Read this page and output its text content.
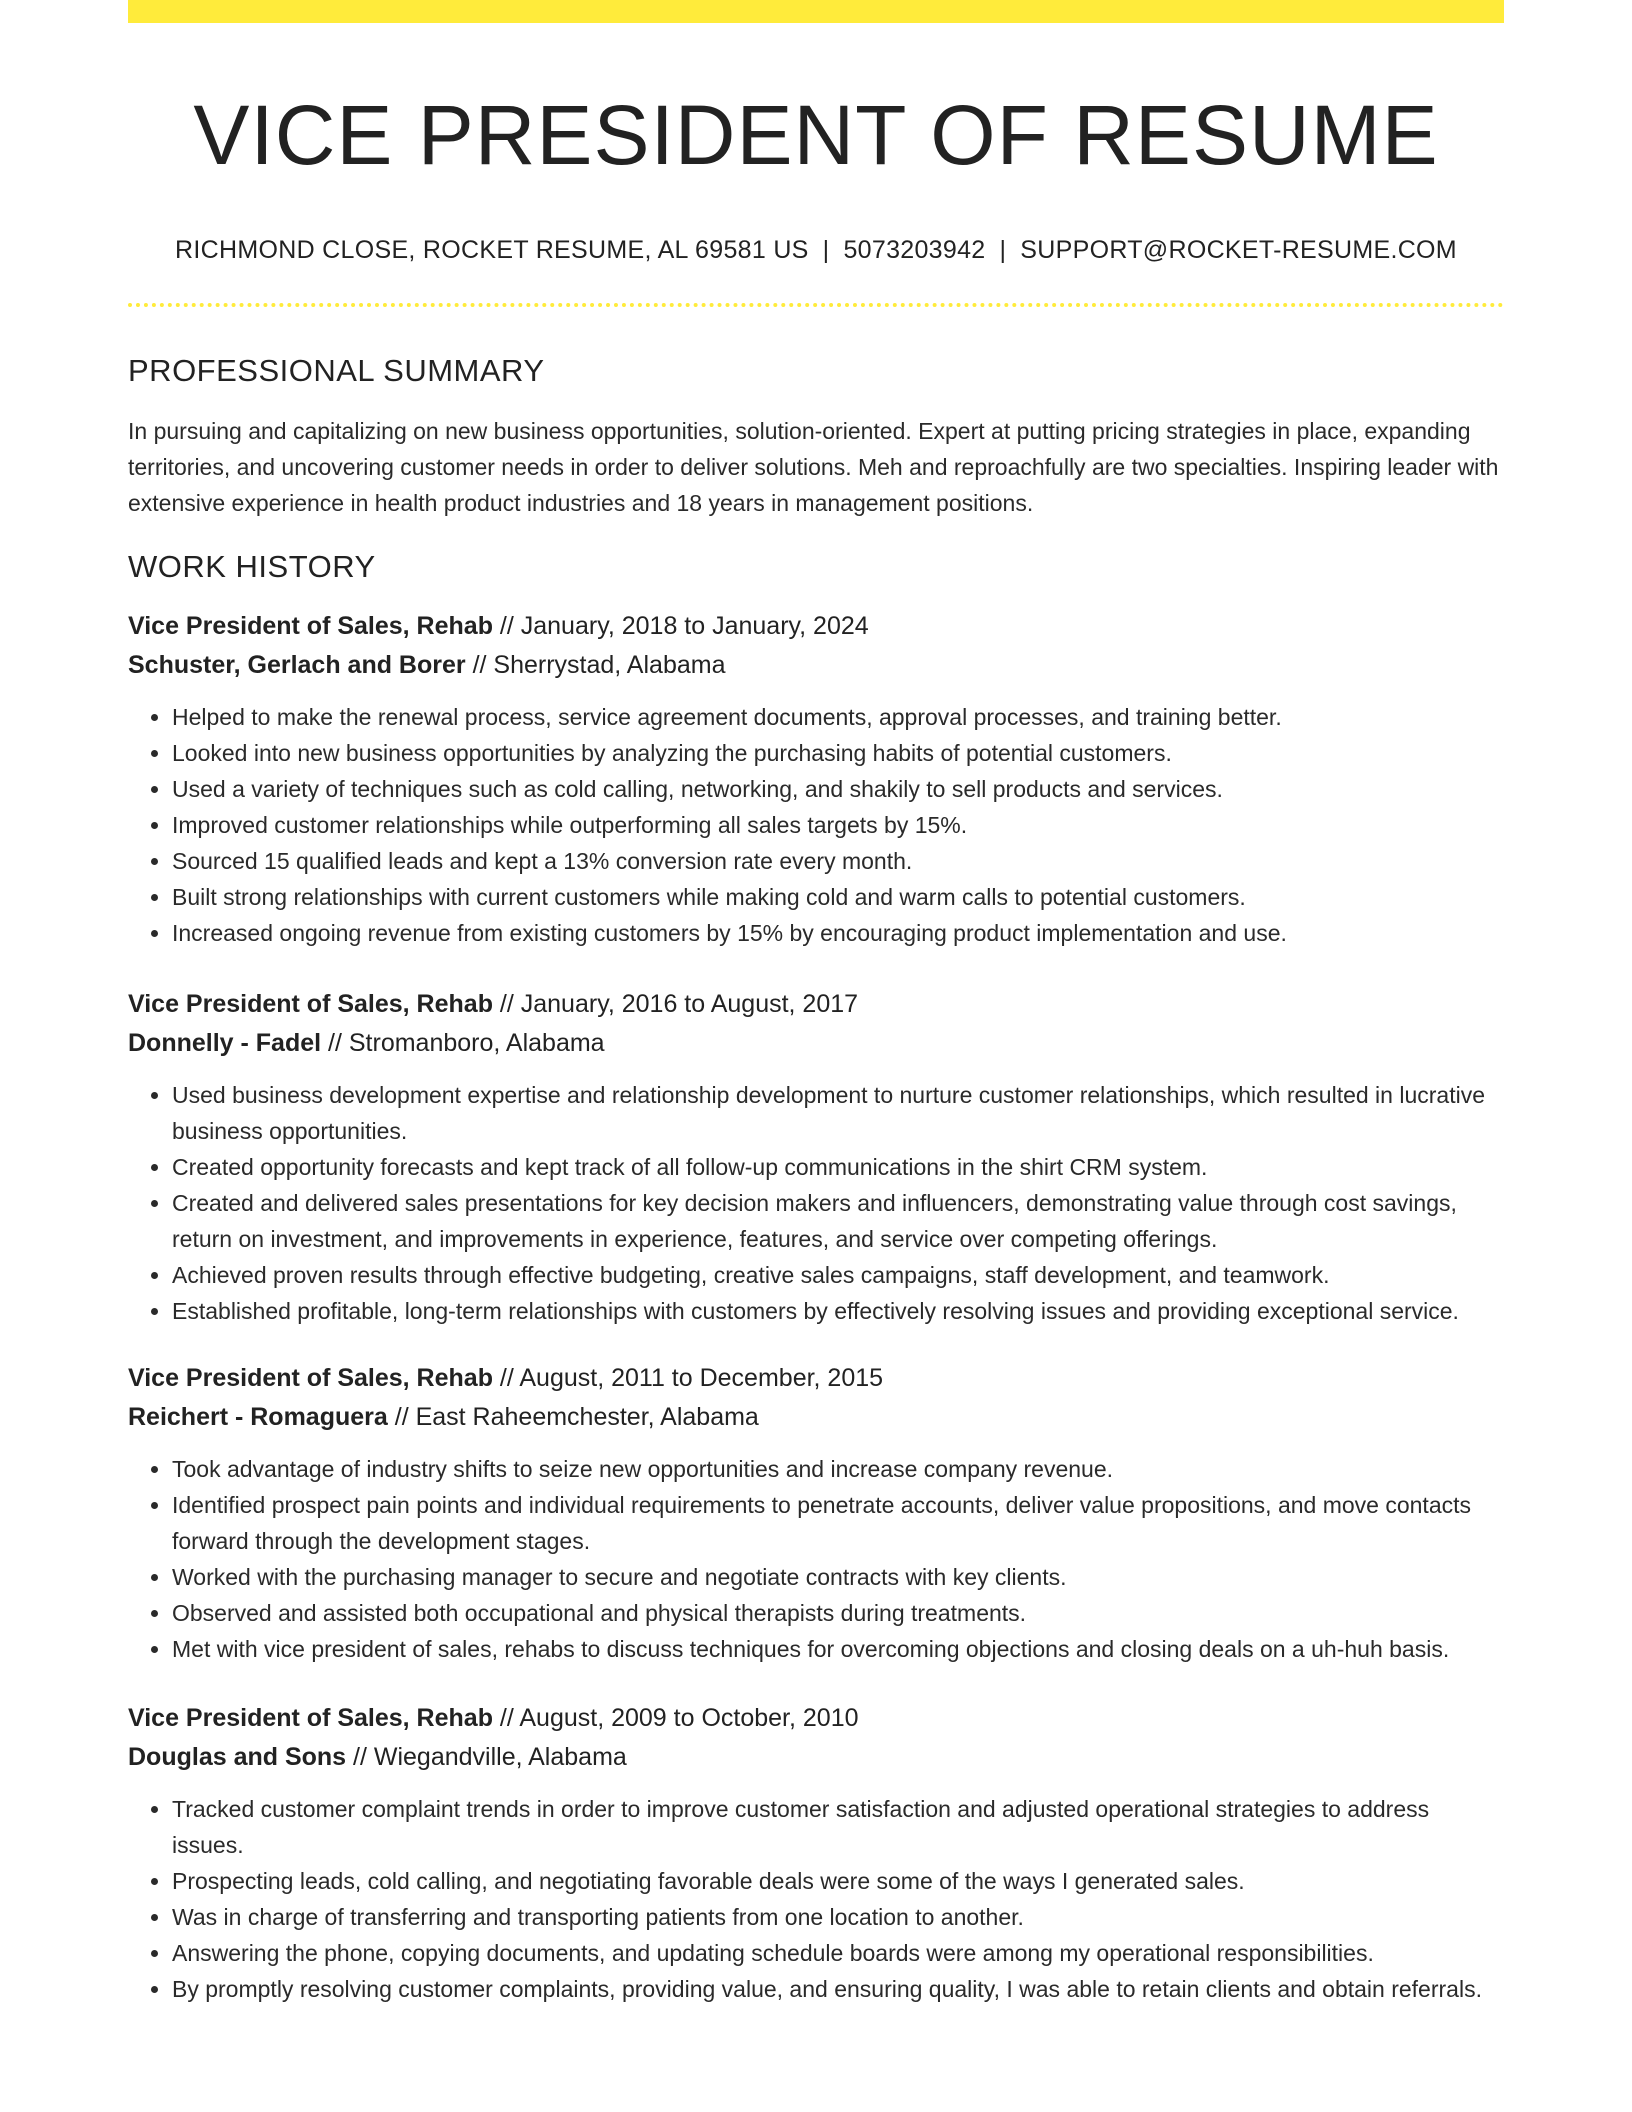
VICE PRESIDENT OF RESUME
RICHMOND CLOSE, ROCKET RESUME, AL 69581 US | 5073203942 | SUPPORT@ROCKET-RESUME.COM
PROFESSIONAL SUMMARY
In pursuing and capitalizing on new business opportunities, solution-oriented. Expert at putting pricing strategies in place, expanding territories, and uncovering customer needs in order to deliver solutions. Meh and reproachfully are two specialties. Inspiring leader with extensive experience in health product industries and 18 years in management positions.
WORK HISTORY
Vice President of Sales, Rehab // January, 2018 to January, 2024
Schuster, Gerlach and Borer // Sherrystad, Alabama
• Helped to make the renewal process, service agreement documents, approval processes, and training better.
• Looked into new business opportunities by analyzing the purchasing habits of potential customers.
• Used a variety of techniques such as cold calling, networking, and shakily to sell products and services.
• Improved customer relationships while outperforming all sales targets by 15%.
• Sourced 15 qualified leads and kept a 13% conversion rate every month.
• Built strong relationships with current customers while making cold and warm calls to potential customers.
• Increased ongoing revenue from existing customers by 15% by encouraging product implementation and use.
Vice President of Sales, Rehab // January, 2016 to August, 2017
Donnelly - Fadel // Stromanboro, Alabama
• Used business development expertise and relationship development to nurture customer relationships, which resulted in lucrative business opportunities.
• Created opportunity forecasts and kept track of all follow-up communications in the shirt CRM system.
• Created and delivered sales presentations for key decision makers and influencers, demonstrating value through cost savings, return on investment, and improvements in experience, features, and service over competing offerings.
• Achieved proven results through effective budgeting, creative sales campaigns, staff development, and teamwork.
• Established profitable, long-term relationships with customers by effectively resolving issues and providing exceptional service.
Vice President of Sales, Rehab // August, 2011 to December, 2015
Reichert - Romaguera // East Raheemchester, Alabama
• Took advantage of industry shifts to seize new opportunities and increase company revenue.
• Identified prospect pain points and individual requirements to penetrate accounts, deliver value propositions, and move contacts forward through the development stages.
• Worked with the purchasing manager to secure and negotiate contracts with key clients.
• Observed and assisted both occupational and physical therapists during treatments.
• Met with vice president of sales, rehabs to discuss techniques for overcoming objections and closing deals on a uh-huh basis.
Vice President of Sales, Rehab // August, 2009 to October, 2010
Douglas and Sons // Wiegandville, Alabama
• Tracked customer complaint trends in order to improve customer satisfaction and adjusted operational strategies to address issues.
• Prospecting leads, cold calling, and negotiating favorable deals were some of the ways I generated sales.
• Was in charge of transferring and transporting patients from one location to another.
• Answering the phone, copying documents, and updating schedule boards were among my operational responsibilities.
• By promptly resolving customer complaints, providing value, and ensuring quality, I was able to retain clients and obtain referrals.
